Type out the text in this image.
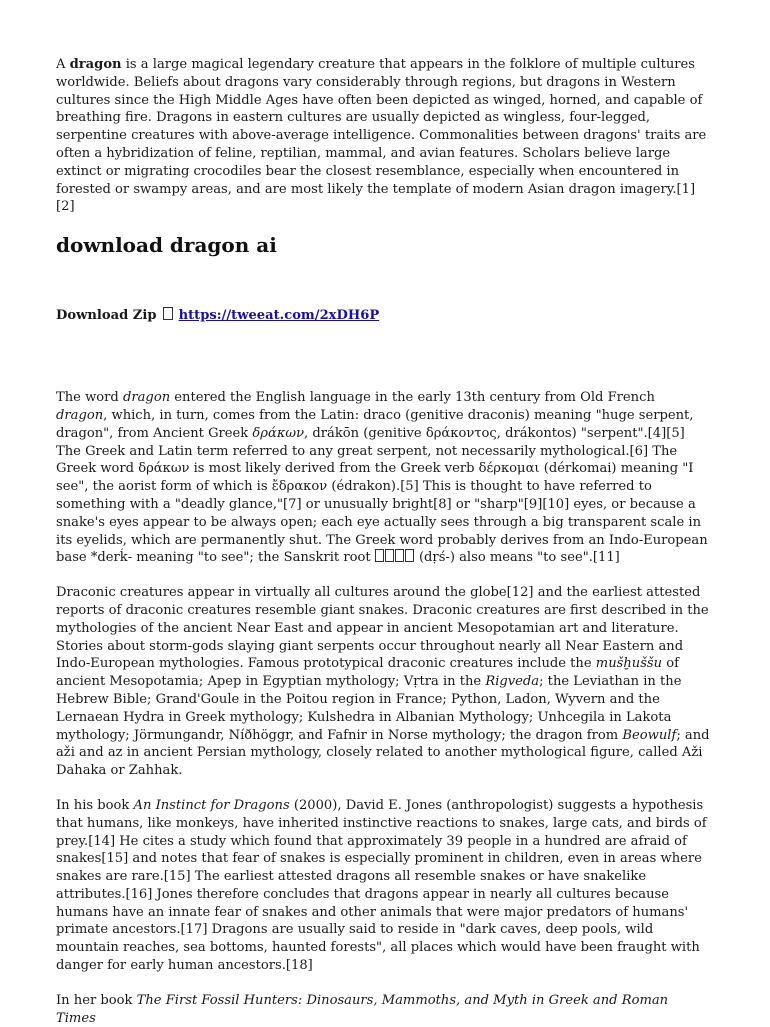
A dragon is a large magical legendary creature that appears in the folklore of multiple cultures worldwide. Beliefs about dragons vary considerably through regions, but dragons in Western cultures since the High Middle Ages have often been depicted as winged, horned, and capable of breathing fire. Dragons in eastern cultures are usually depicted as wingless, four-legged, serpentine creatures with above-average intelligence. Commonalities between dragons' traits are often a hybridization of feline, reptilian, mammal, and avian features. Scholars believe large extinct or migrating crocodiles bear the closest resemblance, especially when encountered in forested or swampy areas, and are most likely the template of modern Asian dragon imagery.[1][2]

download dragon ai
Download Zip https://tweeat.com/2xDH6P

The word dragon entered the English language in the early 13th century from Old French dragon, which, in turn, comes from the Latin: draco (genitive draconis) meaning "huge serpent, dragon", from Ancient Greek δράκων, drákōn (genitive δράκοντος, drákontos) "serpent".[4][5] The Greek and Latin term referred to any great serpent, not necessarily mythological.[6] The Greek word δράκων is most likely derived from the Greek verb δέρκομαι (dérkomai) meaning "I see", the aorist form of which is ἔδρακον (édrakon).[5] This is thought to have referred to something with a "deadly glance,"[7] or unusually bright[8] or "sharp"[9][10] eyes, or because a snake's eyes appear to be always open; each eye actually sees through a big transparent scale in its eyelids, which are permanently shut. The Greek word probably derives from an Indo-European base *derḱ- meaning "to see"; the Sanskrit root	(dṛś-) also means "to see".[11]

Draconic creatures appear in virtually all cultures around the globe[12] and the earliest attested reports of draconic creatures resemble giant snakes. Draconic creatures are first described in the mythologies of the ancient Near East and appear in ancient Mesopotamian art and literature. Stories about storm-gods slaying giant serpents occur throughout nearly all Near Eastern and Indo-European mythologies. Famous prototypical draconic creatures include the mušḫuššu of ancient Mesopotamia; Apep in Egyptian mythology; Vṛtra in the Rigveda; the Leviathan in the Hebrew Bible; Grand'Goule in the Poitou region in France; Python, Ladon, Wyvern and the Lernaean Hydra in Greek mythology; Kulshedra in Albanian Mythology; Unhcegila in Lakota mythology; Jörmungandr, Níðhöggr, and Fafnir in Norse mythology; the dragon from Beowulf; and aži and az in ancient Persian mythology, closely related to another mythological figure, called Aži Dahaka or Zahhak.

In his book An Instinct for Dragons (2000), David E. Jones (anthropologist) suggests a hypothesis that humans, like monkeys, have inherited instinctive reactions to snakes, large cats, and birds of prey.[14] He cites a study which found that approximately 39 people in a hundred are afraid of snakes[15] and notes that fear of snakes is especially prominent in children, even in areas where snakes are rare.[15] The earliest attested dragons all resemble snakes or have snakelike attributes.[16] Jones therefore concludes that dragons appear in nearly all cultures because humans have an innate fear of snakes and other animals that were major predators of humans' primate ancestors.[17] Dragons are usually said to reside in "dark caves, deep pools, wild mountain reaches, sea bottoms, haunted forests", all places which would have been fraught with danger for early human ancestors.[18]

In her book The First Fossil Hunters: Dinosaurs, Mammoths, and Myth in Greek and Roman Times
